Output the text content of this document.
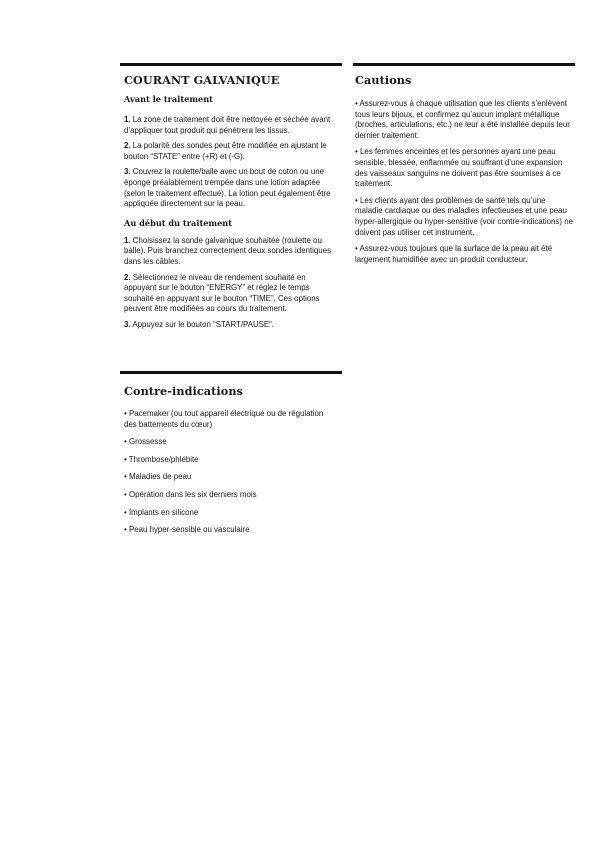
COURANT GALVANIQUE
Avant le traitement

1. La zone de traitement doit être nettoyée et séchée avant d’appliquer tout produit qui pénétrera les tissus.

2. La polarité des sondes peut être modifiée en ajustant le bouton “STATE” entre (+R) et (-G).

3. Couvrez la roulette/balle avec un bout de coton ou une éponge préalablement trempée dans une lotion adaptée (selon le traitement effectué). La lotion peut également être appliquée directement sur la peau.

Au début du traitement

1. Choisissez la sonde galvanique souhaitée (roulette ou balle). Puis branchez correctement deux sondes identiques dans les câbles.

2. Sélectionnez le niveau de rendement souhaité en appuyant sur le bouton “ENERGY” et réglez le temps souhaité en appuyant sur le bouton “TIME”. Ces options peuvent être modifiées au cours du traitement.

3. Appuyez sur le bouton “START/PAUSE”.

Contre-indications

• Pacemaker (ou tout appareil électrique ou de régulation des battements du cœur)

• Grossesse

• Thrombose/phlébite

• Maladies de peau

• Opération dans les six derniers mois

• Implants en silicone

• Peau hyper-sensible ou vasculaire

Cautions

• Assurez-vous à chaque utilisation que les clients s’enlèvent tous leurs bijoux, et confirmez qu’aucun implant métallique (broches, articulations, etc.) ne leur a été installée depuis leur dernier traitement.

• Les femmes enceintes et les personnes ayant une peau sensible, blessée, enflammée ou souffrant d’une expansion des vaisseaux sanguins ne doivent pas être soumises à ce traitement.

• Les clients ayant des problèmes de santé tels qu’une maladie cardiaque ou des maladies infectieuses et une peau hyper-allergique ou hyper-sensitive (voir contre-indications) ne doivent pas utiliser cet instrument.

• Assurez-vous toujours que la surface de la peau ait été largement humidifiée avec un produit conducteur.
